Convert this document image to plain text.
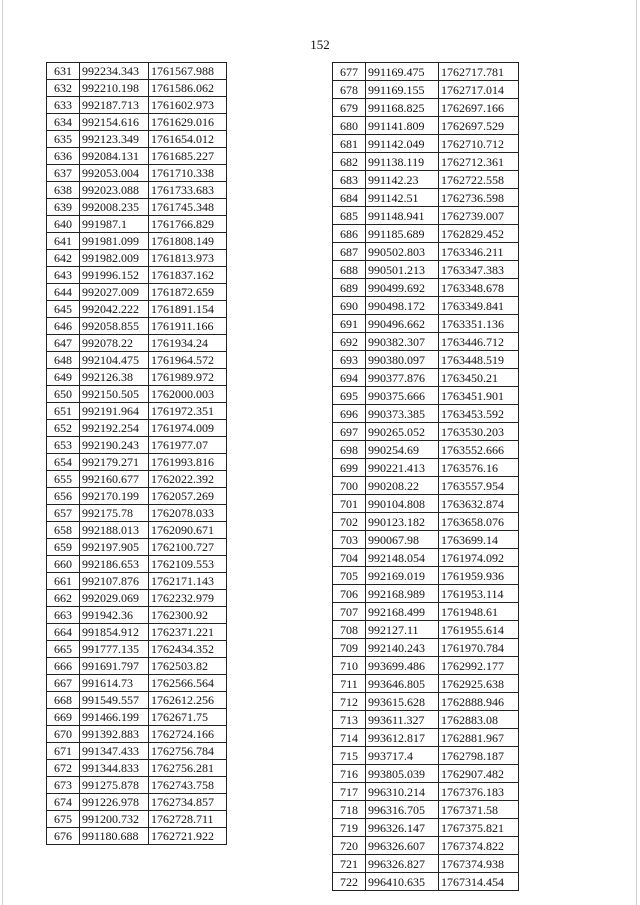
152
631	992234.343	1761567.988
632	992210.198	1761586.062
633	992187.713	1761602.973
634	992154.616	1761629.016
635	992123.349	1761654.012
636	992084.131	1761685.227
637	992053.004	1761710.338
638	992023.088	1761733.683
639	992008.235	1761745.348
640	991987.1	1761766.829
641	991981.099	1761808.149
642	991982.009	1761813.973
643	991996.152	1761837.162
644	992027.009	1761872.659
645	992042.222	1761891.154
646	992058.855	1761911.166
647	992078.22	1761934.24
648	992104.475	1761964.572
649	992126.38	1761989.972
650	992150.505	1762000.003
651	992191.964	1761972.351
652	992192.254	1761974.009
653	992190.243	1761977.07
654	992179.271	1761993.816
655	992160.677	1762022.392
656	992170.199	1762057.269
657	992175.78	1762078.033
658	992188.013	1762090.671
659	992197.905	1762100.727
660	992186.653	1762109.553
661	992107.876	1762171.143
662	992029.069	1762232.979
663	991942.36	1762300.92
664	991854.912	1762371.221
665	991777.135	1762434.352
666	991691.797	1762503.82
667	991614.73	1762566.564
668	991549.557	1762612.256
669	991466.199	1762671.75
670	991392.883	1762724.166
671	991347.433	1762756.784
672	991344.833	1762756.281
673	991275.878	1762743.758
674	991226.978	1762734.857
675	991200.732	1762728.711
676	991180.688	1762721.922
677	991169.475	1762717.781
678	991169.155	1762717.014
679	991168.825	1762697.166
680	991141.809	1762697.529
681	991142.049	1762710.712
682	991138.119	1762712.361
683	991142.23	1762722.558
684	991142.51	1762736.598
685	991148.941	1762739.007
686	991185.689	1762829.452
687	990502.803	1763346.211
688	990501.213	1763347.383
689	990499.692	1763348.678
690	990498.172	1763349.841
691	990496.662	1763351.136
692	990382.307	1763446.712
693	990380.097	1763448.519
694	990377.876	1763450.21
695	990375.666	1763451.901
696	990373.385	1763453.592
697	990265.052	1763530.203
698	990254.69	1763552.666
699	990221.413	1763576.16
700	990208.22	1763557.954
701	990104.808	1763632.874
702	990123.182	1763658.076
703	990067.98	1763699.14
704	992148.054	1761974.092
705	992169.019	1761959.936
706	992168.989	1761953.114
707	992168.499	1761948.61
708	992127.11	1761955.614
709	992140.243	1761970.784
710	993699.486	1762992.177
711	993646.805	1762925.638
712	993615.628	1762888.946
713	993611.327	1762883.08
714	993612.817	1762881.967
715	993717.4	1762798.187
716	993805.039	1762907.482
717	996310.214	1767376.183
718	996316.705	1767371.58
719	996326.147	1767375.821
720	996326.607	1767374.822
721	996326.827	1767374.938
722	996410.635	1767314.454
